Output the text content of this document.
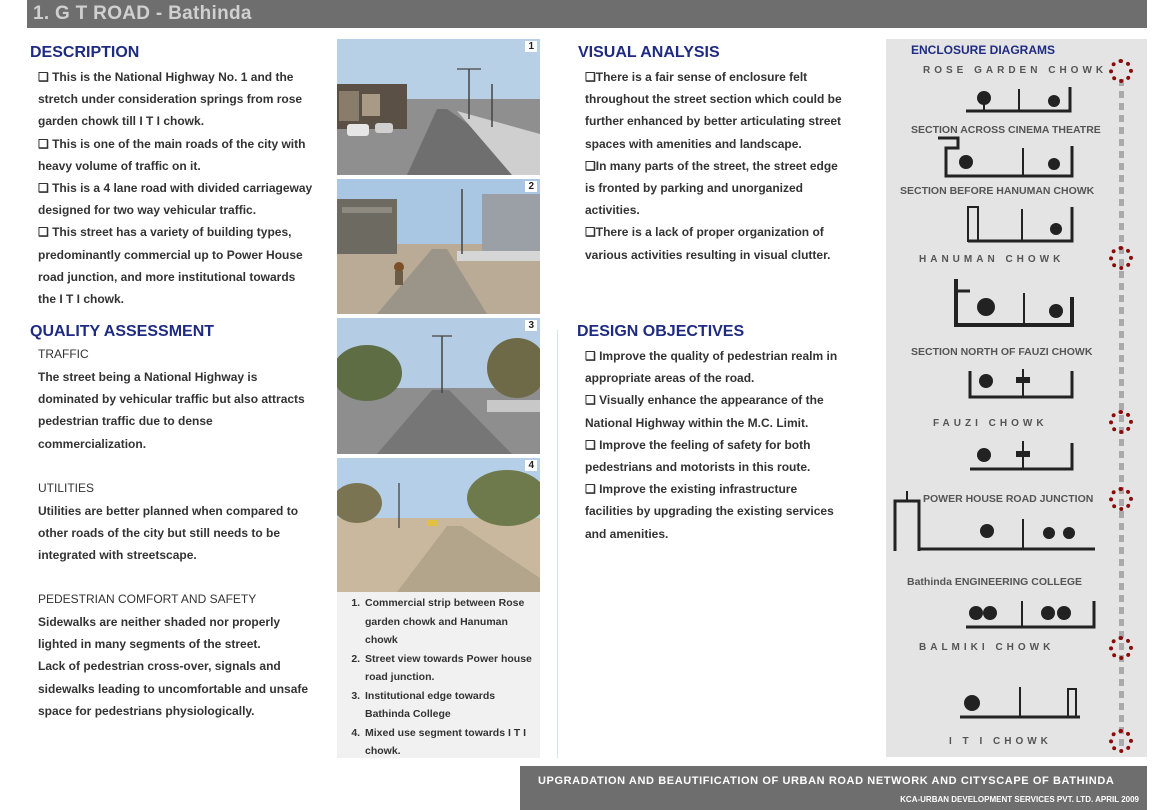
1. G T ROAD - Bathinda
DESCRIPTION

❑ This is the National Highway No. 1 and the

stretch under consideration springs from rose

garden chowk till I T I chowk.

❑ This is one of the main roads of the city with

heavy volume of traffic on it.

❑ This is a 4 lane road with divided carriageway

designed for two way vehicular traffic.

❑ This street has a variety of building types,

predominantly commercial up to Power House

road junction, and more institutional towards

the I T I chowk.

QUALITY ASSESSMENT
TRAFFIC

The street being a National Highway is

dominated by vehicular traffic but also attracts

pedestrian traffic due to dense

commercialization.

UTILITIES

Utilities are better planned when compared to

other roads of the city but still needs to be

integrated with streetscape.

PEDESTRIAN COMFORT AND SAFETY

Sidewalks are neither shaded nor properly

lighted in many segments of the street.

Lack of pedestrian cross-over, signals and

sidewalks leading to uncomfortable and unsafe

space for pedestrians physiologically.

1
2
3
4
1. Commercial strip between Rose garden chowk and Hanuman chowk
2. Street view towards Power house road junction.
3. Institutional edge towards Bathinda College
4. Mixed use segment towards I T I chowk.
VISUAL ANALYSIS

❑There is a fair sense of enclosure felt

throughout the street section which could be

further enhanced by better articulating street

spaces with amenities and landscape.

❑In many parts of the street, the street edge

is fronted by parking and unorganized

activities.

❑There is a lack of proper organization of

various activities resulting in visual clutter.

DESIGN OBJECTIVES

❑ Improve the quality of pedestrian realm in

appropriate areas of the road.

❑ Visually enhance the appearance of the

National Highway within the M.C. Limit.

❑ Improve the feeling of safety for both

pedestrians and motorists in this route.

❑ Improve the existing infrastructure

facilities by upgrading the existing services

and amenities.

ENCLOSURE DIAGRAMS
ROSE GARDEN CHOWK
SECTION ACROSS CINEMA THEATRE
SECTION BEFORE HANUMAN CHOWK
HANUMAN CHOWK
SECTION NORTH OF FAUZI CHOWK
FAUZI CHOWK
POWER HOUSE ROAD JUNCTION
Bathinda ENGINEERING COLLEGE
BALMIKI CHOWK
I T I CHOWK
UPGRADATION AND BEAUTIFICATION OF URBAN ROAD NETWORK AND CITYSCAPE OF BATHINDA
KCA-URBAN DEVELOPMENT SERVICES PVT. LTD. APRIL 2009
